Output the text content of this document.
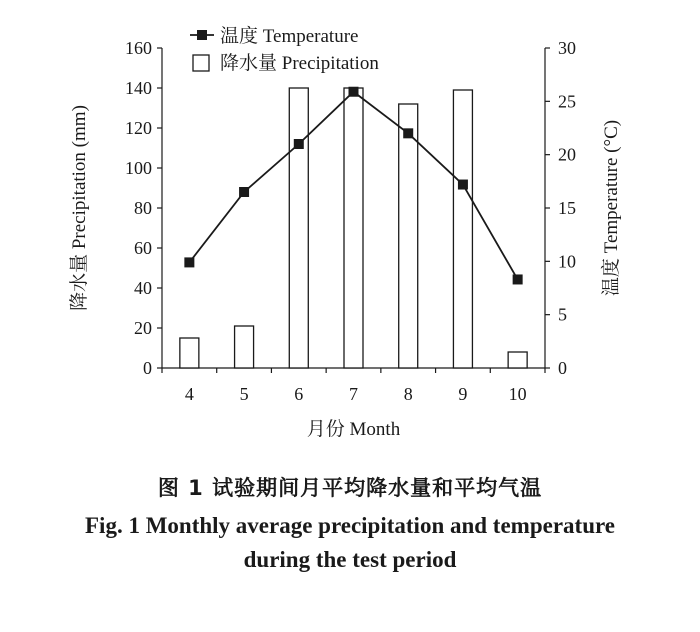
0
20
40
60
80
100
120
140
160
0
5
10
15
20
25
30
4	5	6	7	8	9 10
降水量 Precipitation (mm)	温度 Temperature (°C)
月份 Month
温度 Temperature
降水量 Precipitation
图 1 试验期间月平均降水量和平均气温
Fig. 1 Monthly average precipitation and temperature
during the test period
